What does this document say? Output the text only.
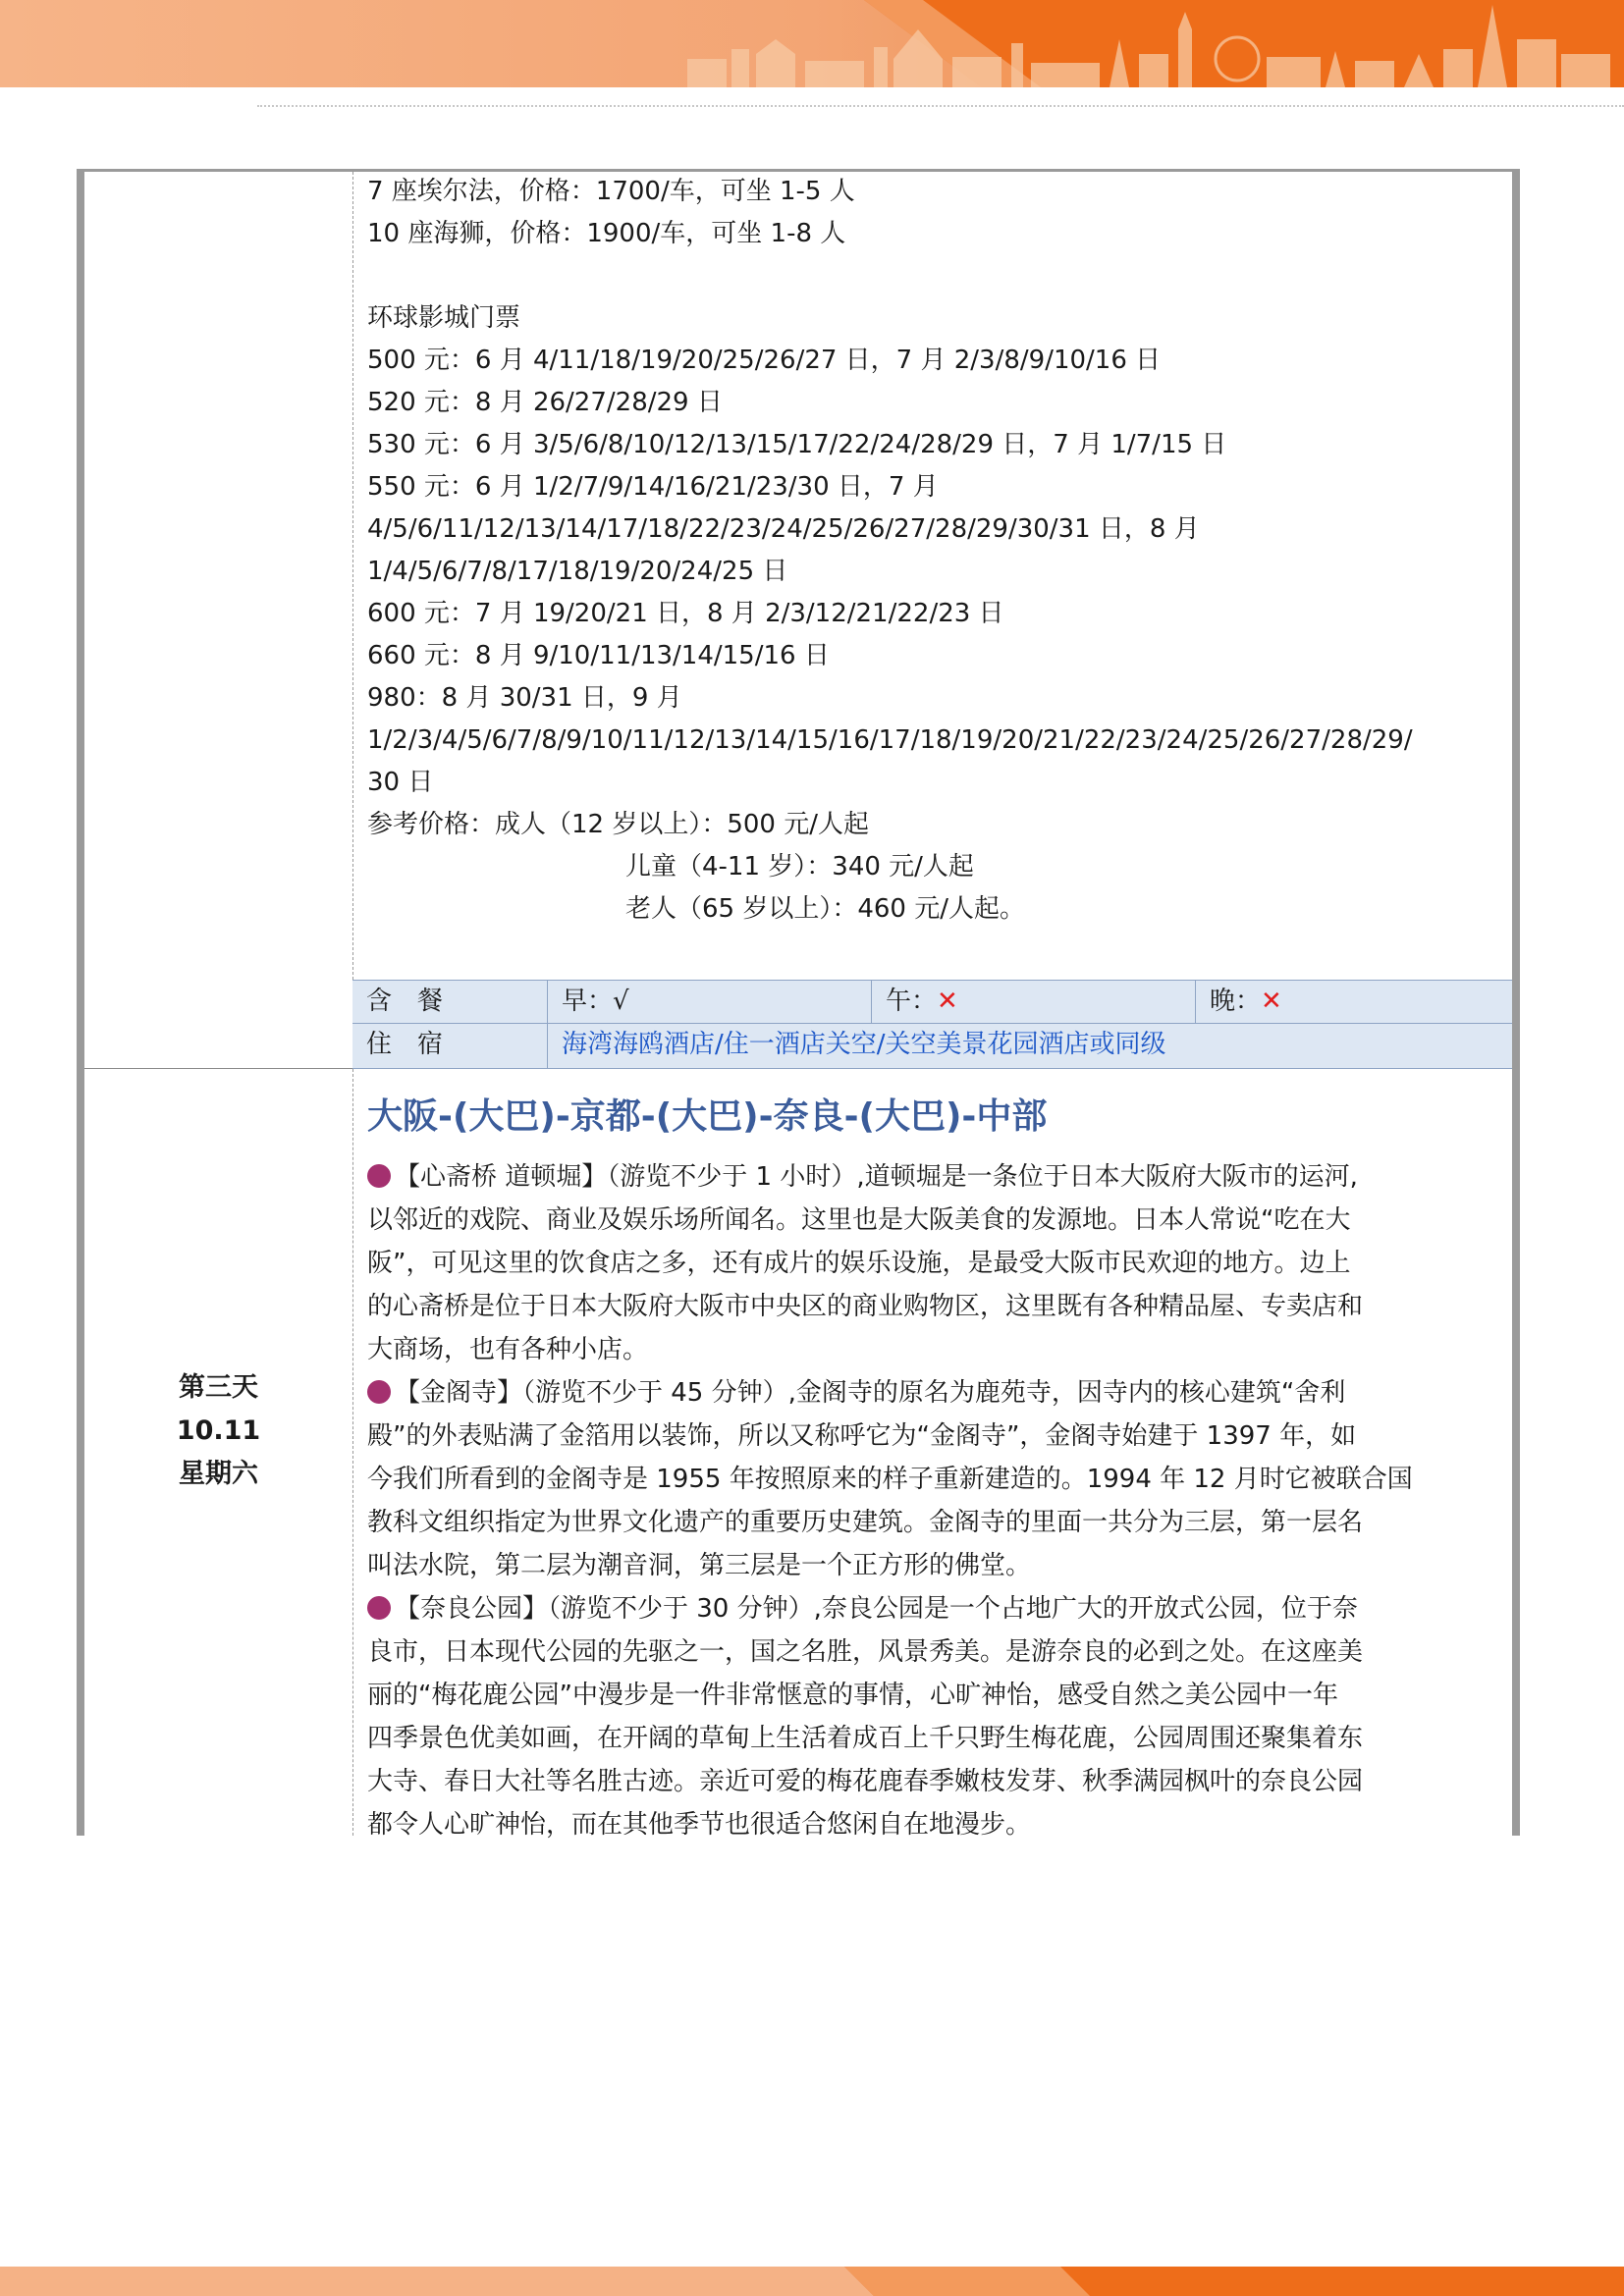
7 座埃尔法，价格：1700/车，可坐 1-5 人
10 座海狮，价格：1900/车，可坐 1-8 人
环球影城门票
500 元：6 月 4/11/18/19/20/25/26/27 日，7 月 2/3/8/9/10/16 日
520 元：8 月 26/27/28/29 日
530 元：6 月 3/5/6/8/10/12/13/15/17/22/24/28/29 日，7 月 1/7/15 日
550 元：6 月 1/2/7/9/14/16/21/23/30 日，7 月
4/5/6/11/12/13/14/17/18/22/23/24/25/26/27/28/29/30/31 日，8 月
1/4/5/6/7/8/17/18/19/20/24/25 日
600 元：7 月 19/20/21 日，8 月 2/3/12/21/22/23 日
660 元：8 月 9/10/11/13/14/15/16 日
980：8 月 30/31 日，9 月
1/2/3/4/5/6/7/8/9/10/11/12/13/14/15/16/17/18/19/20/21/22/23/24/25/26/27/28/29/
30 日
参考价格：成人（12 岁以上）：500 元/人起
儿童（4-11 岁）：340 元/人起
老人（65 岁以上）：460 元/人起。
含　餐	早：√	午：✕	晚：✕
住　宿	海湾海鸥酒店/住一酒店关空/关空美景花园酒店或同级
第三天
10.11
星期六
大阪-(大巴)-京都-(大巴)-奈良-(大巴)-中部
【心斋桥 道顿堀】（游览不少于 1 小时）,道顿堀是一条位于日本大阪府大阪市的运河,
以邻近的戏院、商业及娱乐场所闻名。这里也是大阪美食的发源地。日本人常说“吃在大
阪”，可见这里的饮食店之多，还有成片的娱乐设施，是最受大阪市民欢迎的地方。边上
的心斋桥是位于日本大阪府大阪市中央区的商业购物区，这里既有各种精品屋、专卖店和
大商场，也有各种小店。
【金阁寺】（游览不少于 45 分钟）,金阁寺的原名为鹿苑寺，因寺内的核心建筑“舍利
殿”的外表贴满了金箔用以装饰，所以又称呼它为“金阁寺”，金阁寺始建于 1397 年，如
今我们所看到的金阁寺是 1955 年按照原来的样子重新建造的。1994 年 12 月时它被联合国
教科文组织指定为世界文化遗产的重要历史建筑。金阁寺的里面一共分为三层，第一层名
叫法水院，第二层为潮音洞，第三层是一个正方形的佛堂。
【奈良公园】（游览不少于 30 分钟）,奈良公园是一个占地广大的开放式公园，位于奈
良市，日本现代公园的先驱之一，国之名胜，风景秀美。是游奈良的必到之处。在这座美
丽的“梅花鹿公园”中漫步是一件非常惬意的事情，心旷神怡，感受自然之美公园中一年
四季景色优美如画，在开阔的草甸上生活着成百上千只野生梅花鹿，公园周围还聚集着东
大寺、春日大社等名胜古迹。亲近可爱的梅花鹿春季嫩枝发芽、秋季满园枫叶的奈良公园
都令人心旷神怡，而在其他季节也很适合悠闲自在地漫步。
